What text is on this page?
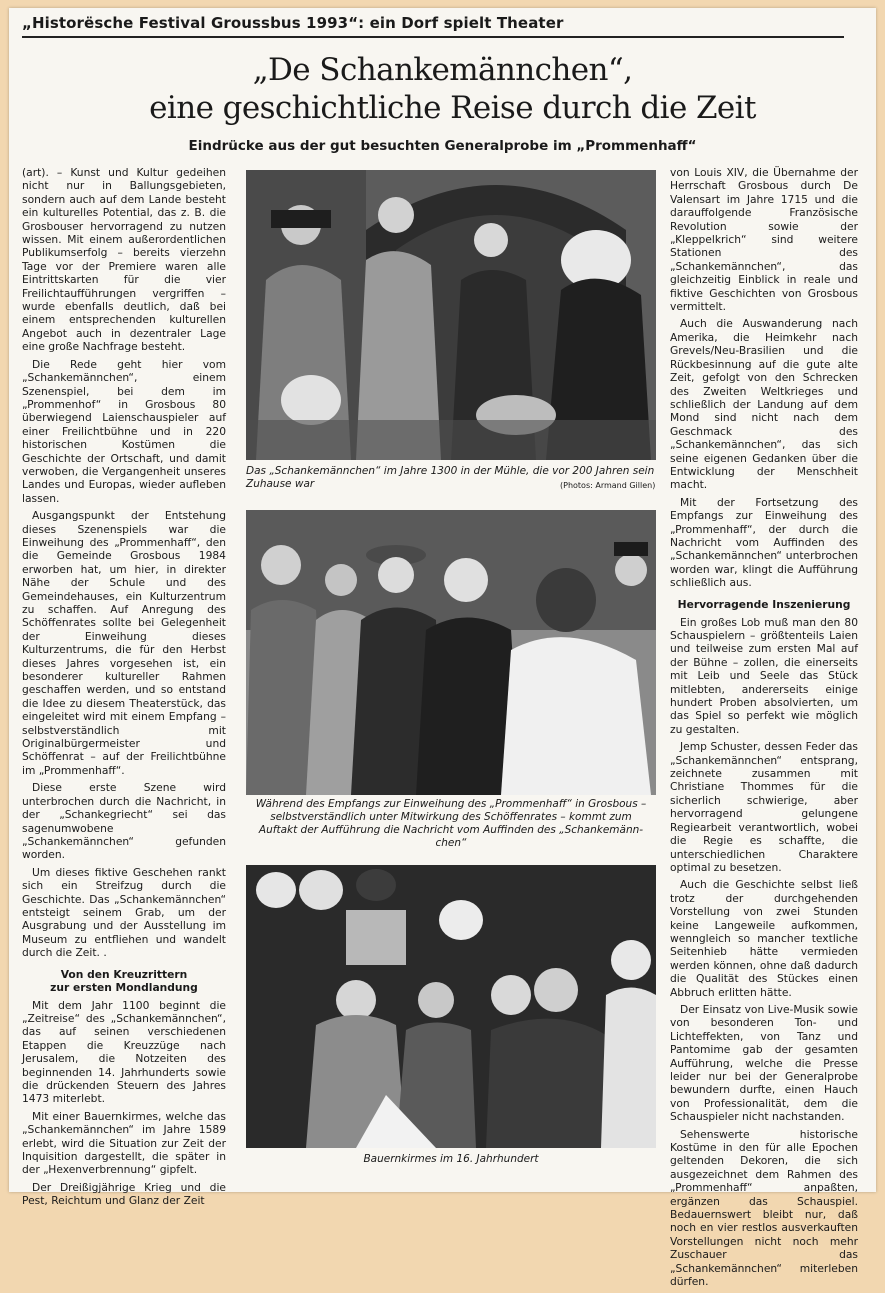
„Historësche Festival Groussbus 1993“: ein Dorf spielt Theater
„De Schankemännchen“,
eine geschichtliche Reise durch die Zeit
Eindrücke aus der gut besuchten Generalprobe im „Prommenhaff“

(art). – Kunst und Kultur gedeihen nicht nur in Ballungsgebieten, sondern auch auf dem Lande besteht ein kulturelles Potential, das z. B. die Grosbouser hervorragend zu nutzen wissen. Mit einem außerordentlichen Publikumserfolg – bereits vierzehn Tage vor der Premiere waren alle Eintrittskarten für die vier Freilichtaufführungen vergriffen – wurde ebenfalls deutlich, daß bei einem entsprechenden kulturellen Angebot auch in dezentraler Lage eine große Nachfrage besteht.

Die Rede geht hier vom „Schankemännchen“, einem Szenenspiel, bei dem im „Prommenhof“ in Grosbous 80 überwiegend Laienschauspieler auf einer Freilichtbühne und in 220 historischen Kostümen die Geschichte der Ortschaft, und damit verwoben, die Vergangenheit unseres Landes und Europas, wieder aufleben lassen.

Ausgangspunkt der Entstehung dieses Szenenspiels war die Einweihung des „Prommenhaff“, den die Gemeinde Grosbous 1984 erworben hat, um hier, in direkter Nähe der Schule und des Gemeindehauses, ein Kulturzentrum zu schaffen. Auf Anregung des Schöffenrates sollte bei Gelegenheit der Einweihung dieses Kulturzentrums, die für den Herbst dieses Jahres vorgesehen ist, ein besonderer kultureller Rahmen geschaffen werden, und so entstand die Idee zu diesem Theaterstück, das eingeleitet wird mit einem Empfang – selbstverständlich mit Originalbürgermeister und Schöffenrat – auf der Freilichtbühne im „Prommenhaff“.

Diese erste Szene wird unterbrochen durch die Nachricht, in der „Schankegriecht“ sei das sagenumwobene „Schankemännchen“ gefunden worden.

Um dieses fiktive Geschehen rankt sich ein Streifzug durch die Geschichte. Das „Schankemännchen“ entsteigt seinem Grab, um der Ausgrabung und der Ausstellung im Museum zu entfliehen und wandelt durch die Zeit. .

Von den Kreuzrittern
zur ersten Mondlandung

Mit dem Jahr 1100 beginnt die „Zeitreise“ des „Schankemännchen“, das auf seinen verschiedenen Etappen die Kreuzzüge nach Jerusalem, die Notzeiten des beginnenden 14. Jahrhunderts sowie die drückenden Steuern des Jahres 1473 miterlebt.

Mit einer Bauernkirmes, welche das „Schankemännchen“ im Jahre 1589 erlebt, wird die Situation zur Zeit der Inquisition dargestellt, die später in der „Hexenverbrennung“ gipfelt.

Der Dreißigjährige Krieg und die Pest, Reichtum und Glanz der Zeit

Das „Schankemännchen“ im Jahre 1300 in der Mühle, die vor 200 Jahren sein Zuhause war	(Photos: Armand Gillen)
Während des Empfangs zur Einweihung des „Prommenhaff“ in Grosbous –
selbstverständlich unter Mitwirkung des Schöffenrates – kommt zum
Auftakt der Aufführung die Nachricht vom Auffinden des „Schankemänn-
chen“
Bauernkirmes im 16. Jahrhundert

von Louis XIV, die Übernahme der Herrschaft Grosbous durch De Valensart im Jahre 1715 und die darauffolgende Französische Revolution sowie der „Kleppelkrich“ sind weitere Stationen des „Schankemännchen“, das gleichzeitig Einblick in reale und fiktive Geschichten von Grosbous vermittelt.

Auch die Auswanderung nach Amerika, die Heimkehr nach Grevels/Neu-Brasilien und die Rückbesinnung auf die gute alte Zeit, gefolgt von den Schrecken des Zweiten Weltkrieges und schließlich der Landung auf dem Mond sind nicht nach dem Geschmack des „Schankemännchen“, das sich seine eigenen Gedanken über die Entwicklung der Menschheit macht.

Mit der Fortsetzung des Empfangs zur Einweihung des „Prommenhaff“, der durch die Nachricht vom Auffinden des „Schankemännchen“ unterbrochen worden war, klingt die Aufführung schließlich aus.

Hervorragende Inszenierung

Ein großes Lob muß man den 80 Schauspielern – größtenteils Laien und teilweise zum ersten Mal auf der Bühne – zollen, die einerseits mit Leib und Seele das Stück mitlebten, andererseits einige hundert Proben absolvierten, um das Spiel so perfekt wie möglich zu gestalten.

Jemp Schuster, dessen Feder das „Schankemännchen“ entsprang, zeichnete zusammen mit Christiane Thommes für die sicherlich schwierige, aber hervorragend gelungene Regiearbeit verantwortlich, wobei die Regie es schaffte, die unterschiedlichen Charaktere optimal zu besetzen.

Auch die Geschichte selbst ließ trotz der durchgehenden Vorstellung von zwei Stunden keine Langeweile aufkommen, wenngleich so mancher textliche Seitenhieb hätte vermieden werden können, ohne daß dadurch die Qualität des Stückes einen Abbruch erlitten hätte.

Der Einsatz von Live-Musik sowie von besonderen Ton- und Lichteffekten, von Tanz und Pantomime gab der gesamten Aufführung, welche die Presse leider nur bei der Generalprobe bewundern durfte, einen Hauch von Professionalität, dem die Schauspieler nicht nachstanden.

Sehenswerte historische Kostüme in den für alle Epochen geltenden Dekoren, die sich ausgezeichnet dem Rahmen des „Prommenhaff“ anpaßten, ergänzen das Schauspiel. Bedauernswert bleibt nur, daß noch en vier restlos ausverkauften Vorstellungen nicht noch mehr Zuschauer das „Schankemännchen“ miterleben dürfen.
